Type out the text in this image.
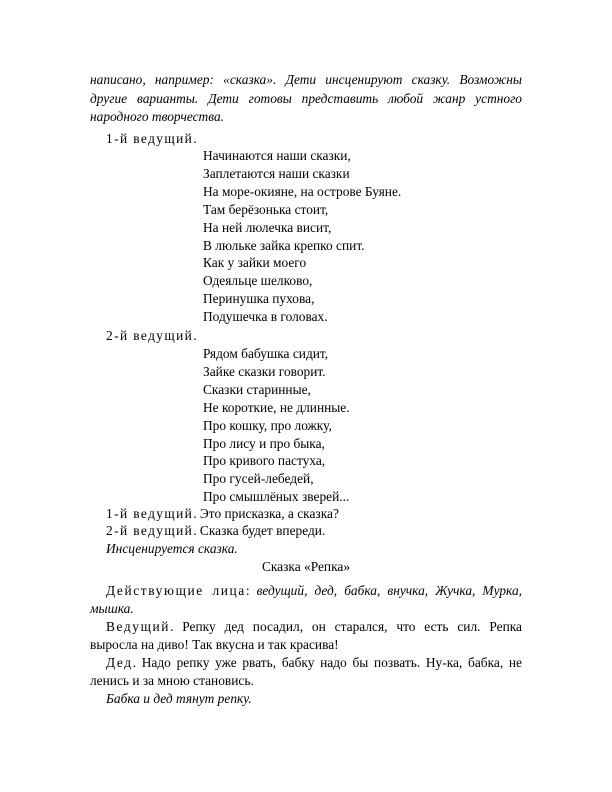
написано, например: «сказка». Дети инсценируют сказку. Возможны другие варианты. Дети готовы представить любой жанр устного народного творчества.
1-й ведущий.
Начинаются наши сказки,
Заплетаются наши сказки
На море-окияне, на острове Буяне.
Там берёзонька стоит,
На ней люлечка висит,
В люльке зайка крепко спит.
Как у зайки моего
Одеяльце шелково,
Перинушка пухова,
Подушечка в головах.
2-й ведущий.
Рядом бабушка сидит,
Зайке сказки говорит.
Сказки старинные,
Не короткие, не длинные.
Про кошку, про ложку,
Про лису и про быка,
Про кривого пастуха,
Про гусей-лебедей,
Про смышлёных зверей...
1-й ведущий. Это присказка, а сказка?
2-й ведущий. Сказка будет впереди.
Инсценируется сказка.
Сказка «Репка»
Действующие лица: ведущий, дед, бабка, внучка, Жучка, Мурка, мышка.
Ведущий. Репку дед посадил, он старался, что есть сил. Репка выросла на диво! Так вкусна и так красива!
Дед. Надо репку уже рвать, бабку надо бы позвать. Ну-ка, бабка, не ленись и за мною становись.
Бабка и дед тянут репку.
